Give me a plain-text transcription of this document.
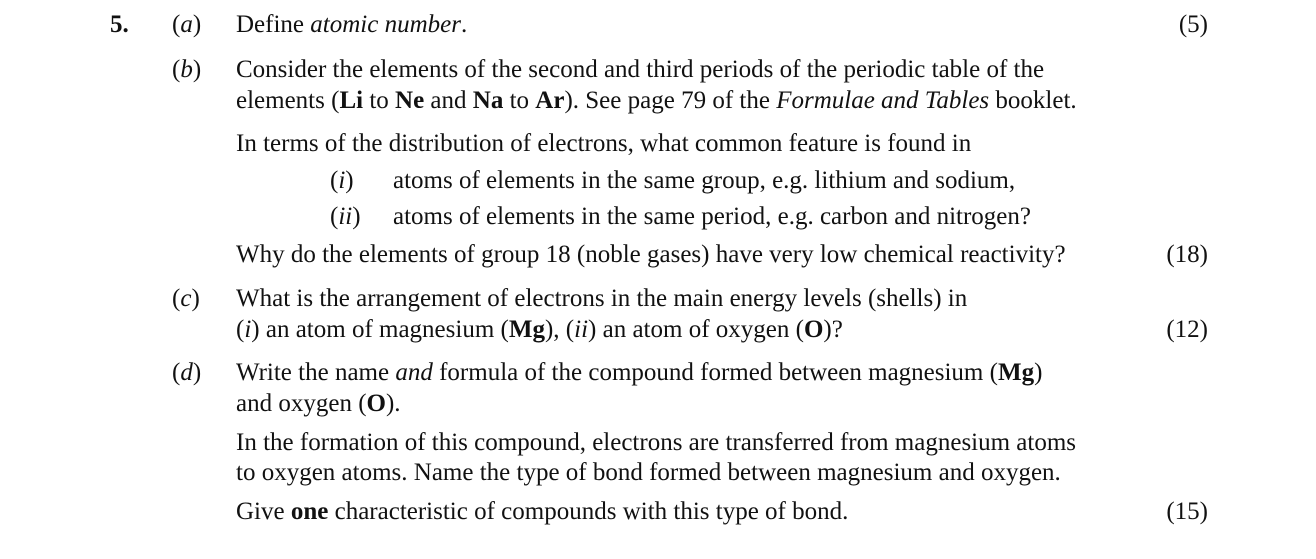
5. (a) Define atomic number.	(5)
(b) Consider the elements of the second and third periods of the periodic table of the
elements (Li to Ne and Na to Ar). See page 79 of the Formulae and Tables booklet.
In terms of the distribution of electrons, what common feature is found in
(i) atoms of elements in the same group, e.g. lithium and sodium,
(ii) atoms of elements in the same period, e.g. carbon and nitrogen?
Why do the elements of group 18 (noble gases) have very low chemical reactivity?	(18)
(c) What is the arrangement of electrons in the main energy levels (shells) in
(i) an atom of magnesium (Mg), (ii) an atom of oxygen (O)?	(12)
(d) Write the name and formula of the compound formed between magnesium (Mg)
and oxygen (O).
In the formation of this compound, electrons are transferred from magnesium atoms
to oxygen atoms. Name the type of bond formed between magnesium and oxygen.
Give one characteristic of compounds with this type of bond.	(15)
